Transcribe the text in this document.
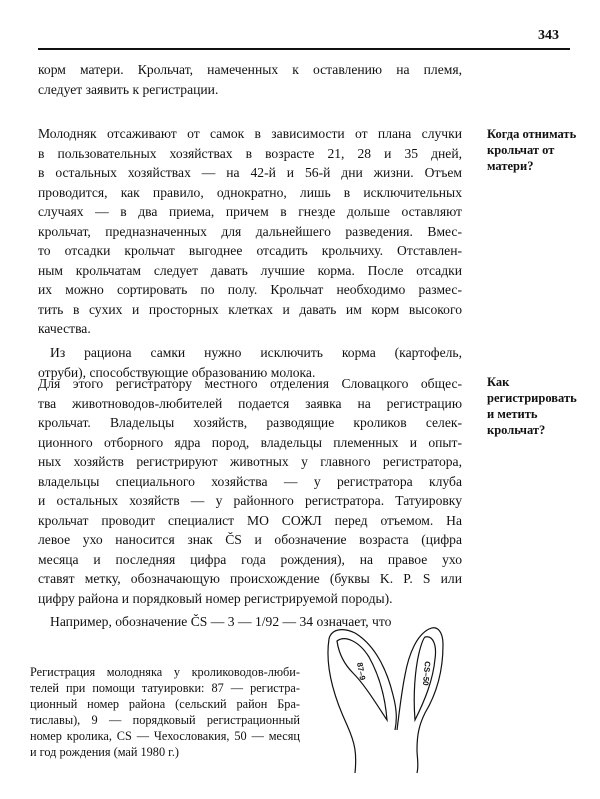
343
корм матери. Крольчат, намеченных к оставлению на племя,
следует заявить к регистрации.
Молодняк отсаживают от самок в зависимости от плана случки
в пользовательных хозяйствах в возрасте 21, 28 и 35 дней,
в остальных хозяйствах — на 42-й и 56-й дни жизни. Отъем
проводится, как правило, однократно, лишь в исключительных
случаях — в два приема, причем в гнезде дольше оставляют
крольчат, предназначенных для дальнейшего разведения. Вмес-
то отсадки крольчат выгоднее отсадить крольчиху. Отставлен-
ным крольчатам следует давать лучшие корма. После отсадки
их можно сортировать по полу. Крольчат необходимо размес-
тить в сухих и просторных клетках и давать им корм высокого
качества.
Из рациона самки нужно исключить корма (картофель,
отруби), способствующие образованию молока.
Для этого регистратору местного отделения Словацкого общес-
тва животноводов-любителей подается заявка на регистрацию
крольчат. Владельцы хозяйств, разводящие кроликов селек-
ционного отборного ядра пород, владельцы племенных и опыт-
ных хозяйств регистрируют животных у главного регистратора,
владельцы специального хозяйства — у регистратора клуба
и остальных хозяйств — у районного регистратора. Татуировку
крольчат проводит специалист МО СОЖЛ перед отъемом. На
левое ухо наносится знак ČS и обозначение возраста (цифра
месяца и последняя цифра года рождения), на правое ухо
ставят метку, обозначающую происхождение (буквы K. P. S или
цифру района и порядковый номер регистрируемой породы).
Например, обозначение ČS — 3 — 1/92 — 34 означает, что
Когда отнимать
крольчат от
матери?
Как
регистрировать
и метить
крольчат?
Регистрация молодняка у кролиководов-люби-
телей при помощи татуировки: 87 — регистра-
ционный номер района (сельский район Бра-
тиславы), 9 — порядковый регистрационный
номер кролика, CS — Чехословакия, 50 — месяц
и год рождения (май 1980 г.)
87–9	CS–50
